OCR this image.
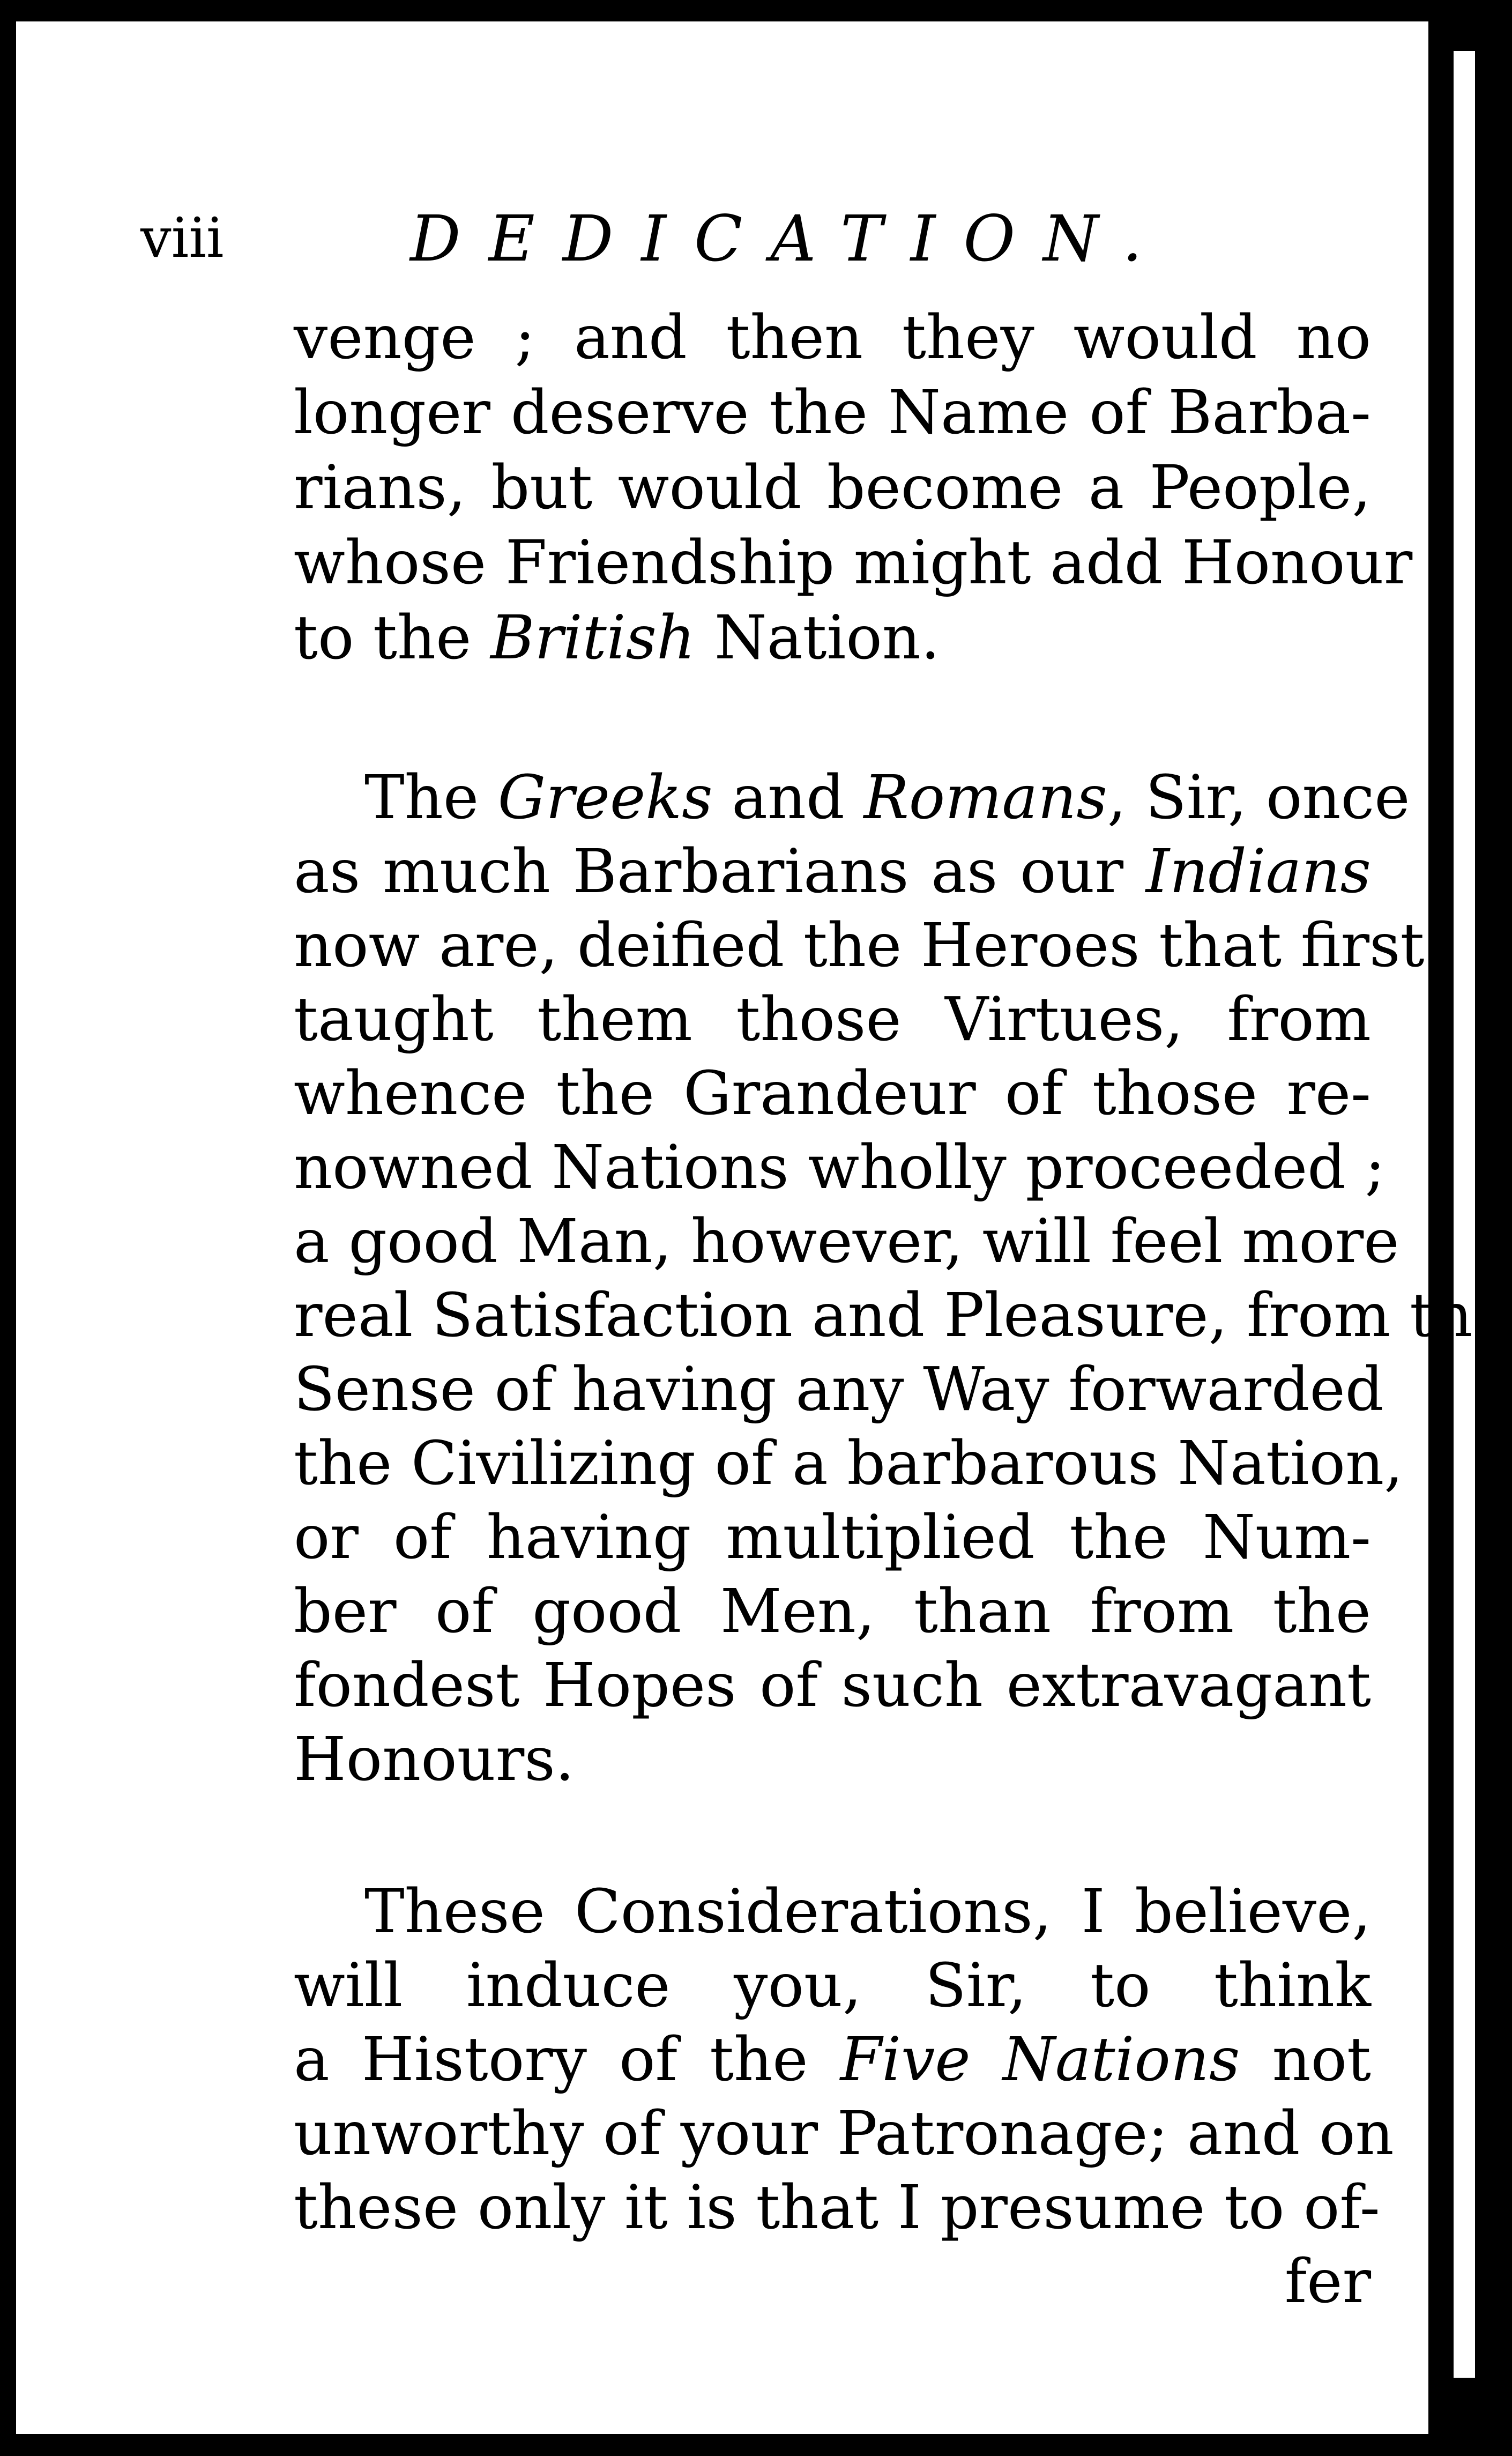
viii	DEDICATION.
venge ; and then they would no
longer deserve the Name of Barba-
rians, but would become a People,
whose Friendship might add Honour
to the British Nation.
The Greeks and Romans, Sir, once
as much Barbarians as our Indians
now are, deified the Heroes that first
taught them those Virtues, from
whence the Grandeur of those re-
nowned Nations wholly proceeded ;
a good Man, however, will feel more
real Satisfaction and Pleasure, from the
Sense of having any Way forwarded
the Civilizing of a barbarous Nation,
or of having multiplied the Num-
ber of good Men, than from the
fondest Hopes of such extravagant
Honours.
These Considerations, I believe,
will induce you, Sir, to think
a History of the Five Nations not
unworthy of your Patronage; and on
these only it is that I presume to of-
fer
